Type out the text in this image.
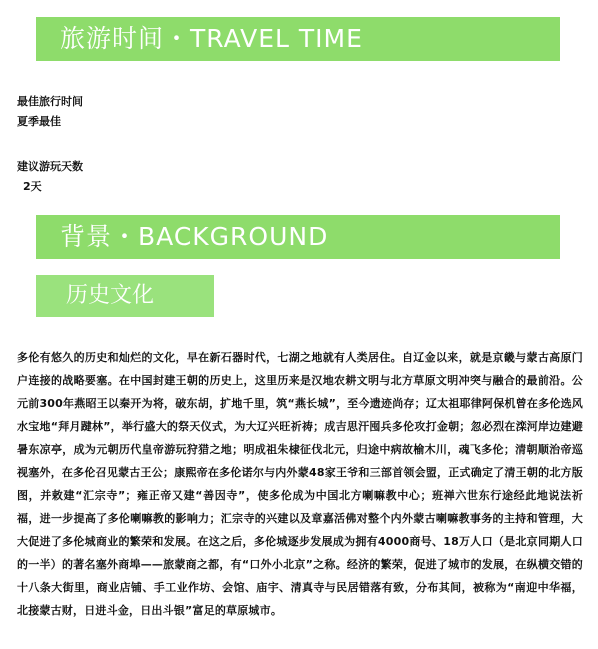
旅游时间・TRAVEL TIME
最佳旅行时间
夏季最佳
建议游玩天数
2天
背景・BACKGROUND
历史文化
多伦有悠久的历史和灿烂的文化，早在新石器时代，七湖之地就有人类居住。自辽金以来，就是京畿与蒙古高原门户连接的战略要塞。在中国封建王朝的历史上，这里历来是汉地农耕文明与北方草原文明冲突与融合的最前沿。公元前300年燕昭王以秦开为将，破东胡，扩地千里，筑“燕长城”，至今遗迹尚存；辽太祖耶律阿保机曾在多伦选风水宝地“拜月踺林”，举行盛大的祭天仪式，为大辽兴旺祈祷；成吉思汗囤兵多伦攻打金朝；忽必烈在滦河岸边建避暑东凉亭，成为元朝历代皇帝游玩狩猎之地；明成祖朱棣征伐北元，归途中病故榆木川，魂飞多伦；清朝顺治帝巡视塞外，在多伦召见蒙古王公；康熙帝在多伦诺尔与内外蒙48家王爷和三部首领会盟，正式确定了清王朝的北方版图，并敕建“汇宗寺”；雍正帝又建“善因寺”，使多伦成为中国北方喇嘛教中心；班禅六世东行途经此地说法祈福，进一步提高了多伦喇嘛教的影响力；汇宗寺的兴建以及章嘉活佛对整个内外蒙古喇嘛教事务的主持和管理，大大促进了多伦城商业的繁荣和发展。在这之后，多伦城逐步发展成为拥有4000商号、18万人口（是北京同期人口的一半）的著名塞外商埠——旅蒙商之都，有“口外小北京”之称。经济的繁荣，促进了城市的发展，在纵横交错的十八条大街里，商业店铺、手工业作坊、会馆、庙宇、清真寺与民居错落有致，分布其间，被称为“南迎中华福，北接蒙古财，日进斗金，日出斗银”富足的草原城市。
